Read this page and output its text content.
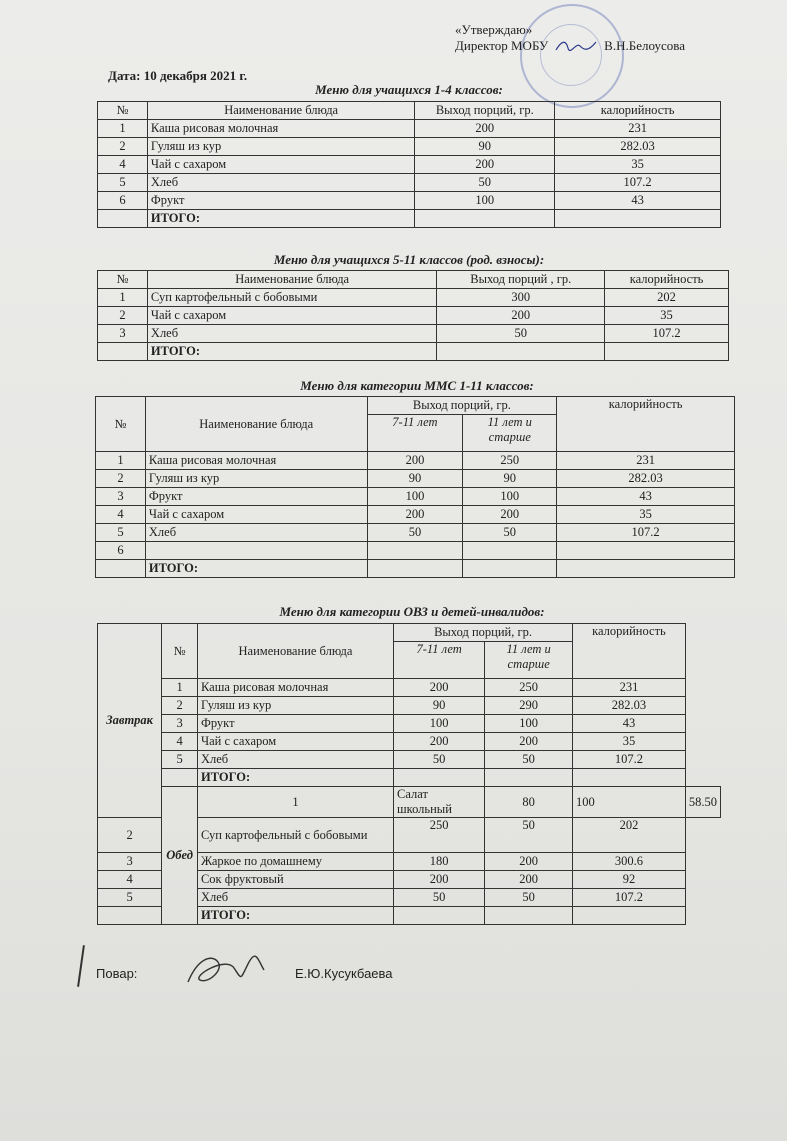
«Утверждаю»
Директор МОБУ	В.Н.Белоусова
Дата: 10 декабря 2021 г.
Меню для учащихся 1-4 классов:
№	Наименование блюда	Выход порций, гр.	калорийность
1	Каша рисовая молочная	200	231
2	Гуляш из кур	90	282.03
4	Чай с сахаром	200	35
5	Хлеб	50	107.2
6	Фрукт	100	43
	ИТОГО:		
Меню для учащихся 5-11 классов (род. взносы):
№	Наименование блюда	Выход порций , гр.	калорийность
1	Суп картофельный с бобовыми	300	202
2	Чай с сахаром	200	35
3	Хлеб	50	107.2
	ИТОГО:		
Меню для категории ММС 1-11 классов:
№	Наименование блюда	Выход порций, гр.		калорийность
		7-11 лет	11 лет и старше	
1	Каша рисовая молочная	200	250	231
2	Гуляш из кур	90	90	282.03
3	Фрукт	100	100	43
4	Чай с сахаром	200	200	35
5	Хлеб	50	50	107.2
6				
	ИТОГО:			
Меню для категории ОВЗ и детей-инвалидов:
Завтрак	№	Наименование блюда	Выход порций, гр.		калорийность	
			7-11 лет	11 лет и старше		
	1	Каша рисовая молочная	200	250	231	
	2	Гуляш из кур	90	290	282.03	
	3	Фрукт	100	100	43	
	4	Чай с сахаром	200	200	35	
	5	Хлеб	50	50	107.2	
		ИТОГО:				
	Обед	1	Салат школьный	80	100	58.50
2		Суп картофельный с бобовыми	250	50	202	
3		Жаркое по домашнему	180	200	300.6	
4		Сок фруктовый	200	200	92	
5		Хлеб	50	50	107.2	
		ИТОГО:				
Повар:	Е.Ю.Кусукбаева
